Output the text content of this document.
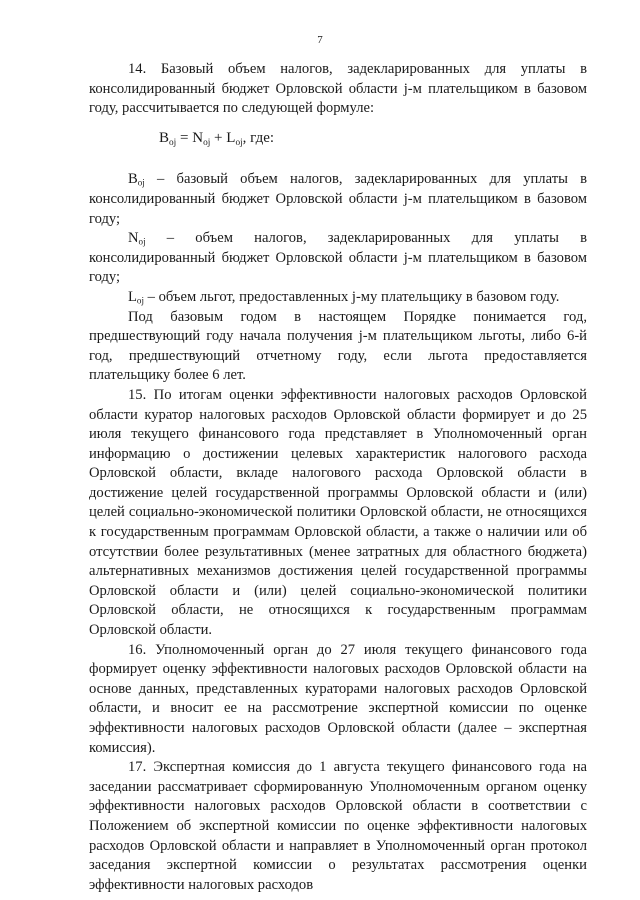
7

14. Базовый объем налогов, задекларированных для уплаты в консолидированный бюджет Орловской области j-м плательщиком в базовом году, рассчитывается по следующей формуле:

$B_{oj} = N_{oj} + L_{oj}$, где:

$B_{oj}$ – базовый объем налогов, задекларированных для уплаты в консолидированный бюджет Орловской области j-м плательщиком в базовом году;

$N_{oj}$ – объем налогов, задекларированных для уплаты в консолидированный бюджет Орловской области j-м плательщиком в базовом году;

$L_{oj}$ – объем льгот, предоставленных j-му плательщику в базовом году.

Под базовым годом в настоящем Порядке понимается год, предшествующий году начала получения j-м плательщиком льготы, либо 6-й год, предшествующий отчетному году, если льгота предоставляется плательщику более 6 лет.

15. По итогам оценки эффективности налоговых расходов Орловской области куратор налоговых расходов Орловской области формирует и до 25 июля текущего финансового года представляет в Уполномоченный орган информацию о достижении целевых характеристик налогового расхода Орловской области, вкладе налогового расхода Орловской области в достижение целей государственной программы Орловской области и (или) целей социально-экономической политики Орловской области, не относящихся к государственным программам Орловской области, а также о наличии или об отсутствии более результативных (менее затратных для областного бюджета) альтернативных механизмов достижения целей государственной программы Орловской области и (или) целей социально-экономической политики Орловской области, не относящихся к государственным программам Орловской области.

16. Уполномоченный орган до 27 июля текущего финансового года формирует оценку эффективности налоговых расходов Орловской области на основе данных, представленных кураторами налоговых расходов Орловской области, и вносит ее на рассмотрение экспертной комиссии по оценке эффективности налоговых расходов Орловской области (далее – экспертная комиссия).

17. Экспертная комиссия до 1 августа текущего финансового года на заседании рассматривает сформированную Уполномоченным органом оценку эффективности налоговых расходов Орловской области в соответствии с Положением об экспертной комиссии по оценке эффективности налоговых расходов Орловской области и направляет в Уполномоченный орган протокол заседания экспертной комиссии о результатах рассмотрения оценки эффективности налоговых расходов
